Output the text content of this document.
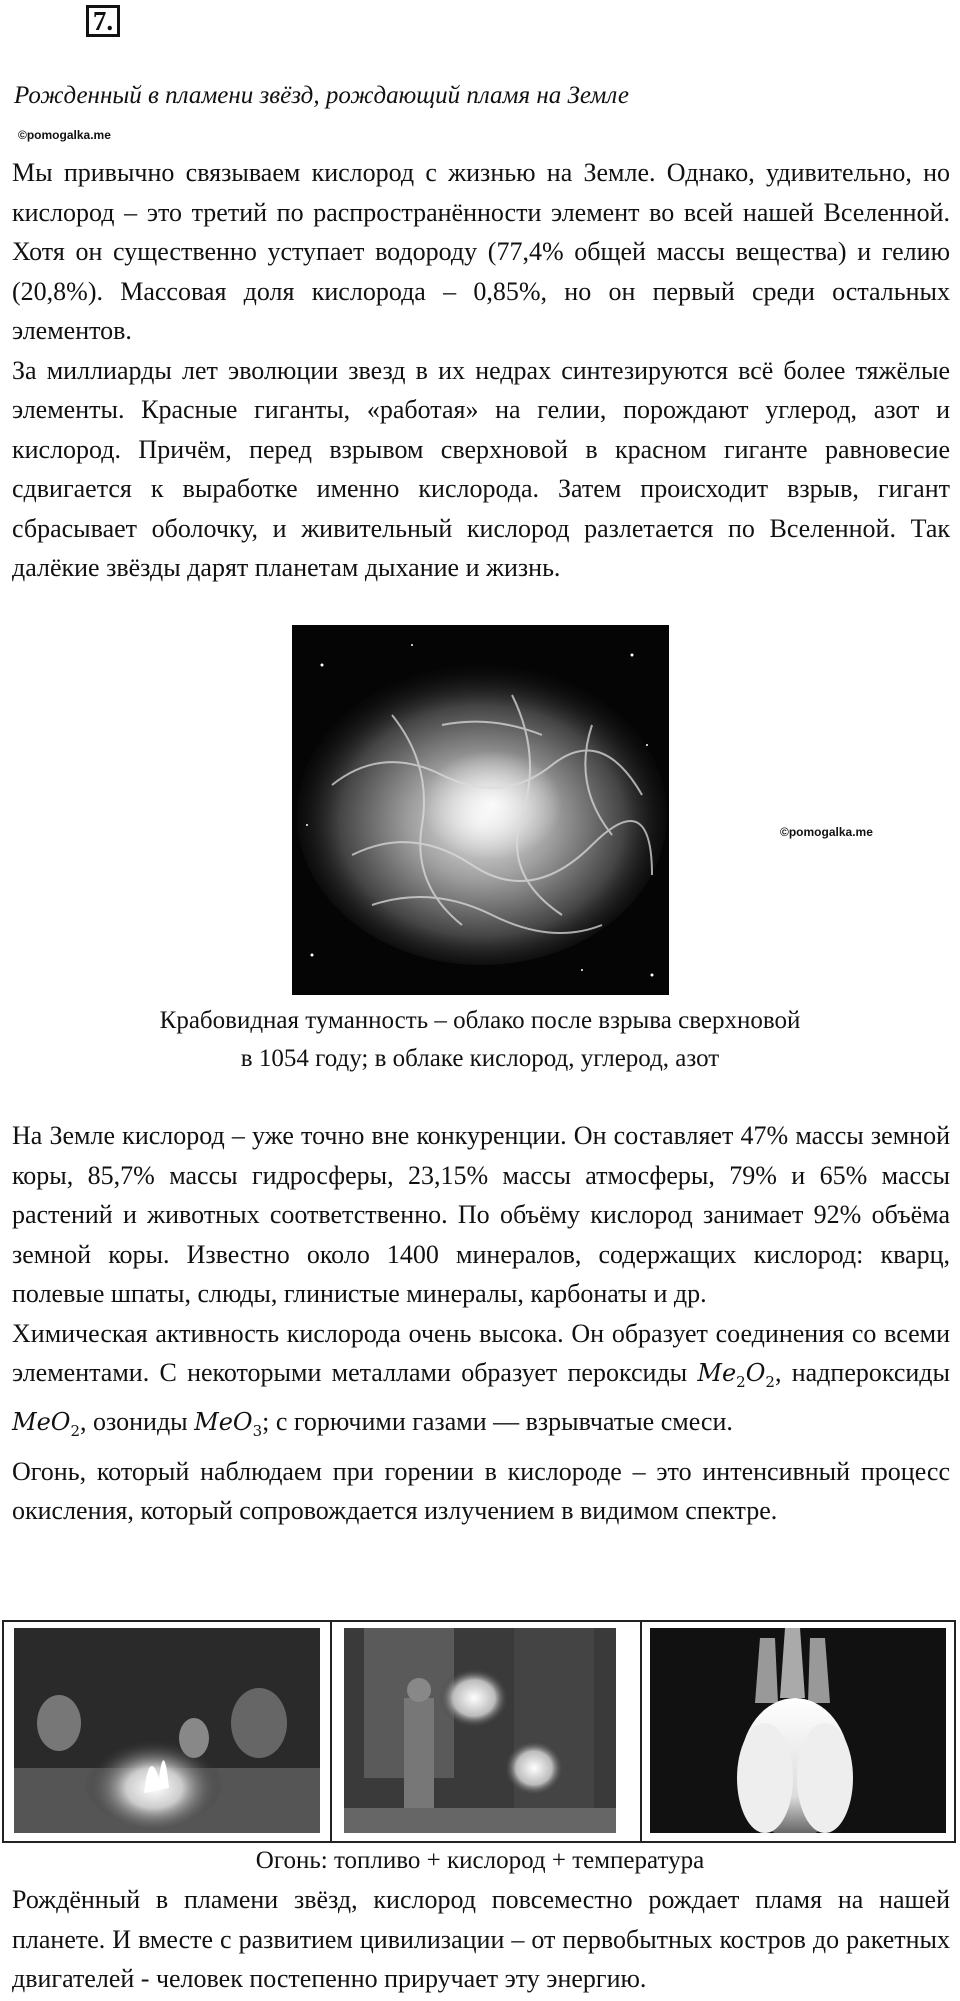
7.
Рожденный в пламени звёзд, рождающий пламя на Земле
©pomogalka.me

Мы привычно связываем кислород с жизнью на Земле. Однако, удивительно, но кислород – это третий по распространённости элемент во всей нашей Вселенной. Хотя он существенно уступает водороду (77,4% общей массы вещества) и гелию (20,8%). Массовая доля кислорода – 0,85%, но он первый среди остальных элементов.

За миллиарды лет эволюции звезд в их недрах синтезируются всё более тяжёлые элементы. Красные гиганты, «работая» на гелии, порождают углерод, азот и кислород. Причём, перед взрывом сверхновой в красном гиганте равновесие сдвигается к выработке именно кислорода. Затем происходит взрыв, гигант сбрасывает оболочку, и живительный кислород разлетается по Вселенной. Так далёкие звёзды дарят планетам дыхание и жизнь.

©pomogalka.me
Крабовидная туманность – облако после взрыва сверхновой
в 1054 году; в облаке кислород, углерод, азот

На Земле кислород – уже точно вне конкуренции. Он составляет 47% массы земной коры, 85,7% массы гидросферы, 23,15% массы атмосферы, 79% и 65% массы растений и животных соответственно. По объёму кислород занимает 92% объёма земной коры. Известно около 1400 минералов, содержащих кислород: кварц, полевые шпаты, слюды, глинистые минералы, карбонаты и др.

Химическая активность кислорода очень высока. Он образует соединения со всеми элементами. С некоторыми металлами образует пероксиды $Me_2O_2$, надпероксиды MeO$_2$, озониды MeO$_3$; с горючими газами — взрывчатые смеси.

Огонь, который наблюдаем при горении в кислороде – это интенсивный процесс окисления, который сопровождается излучением в видимом спектре.

Огонь: топливо + кислород + температура

Рождённый в пламени звёзд, кислород повсеместно рождает пламя на нашей планете. И вместе с развитием цивилизации – от первобытных костров до ракетных двигателей - человек постепенно приручает эту энергию.
